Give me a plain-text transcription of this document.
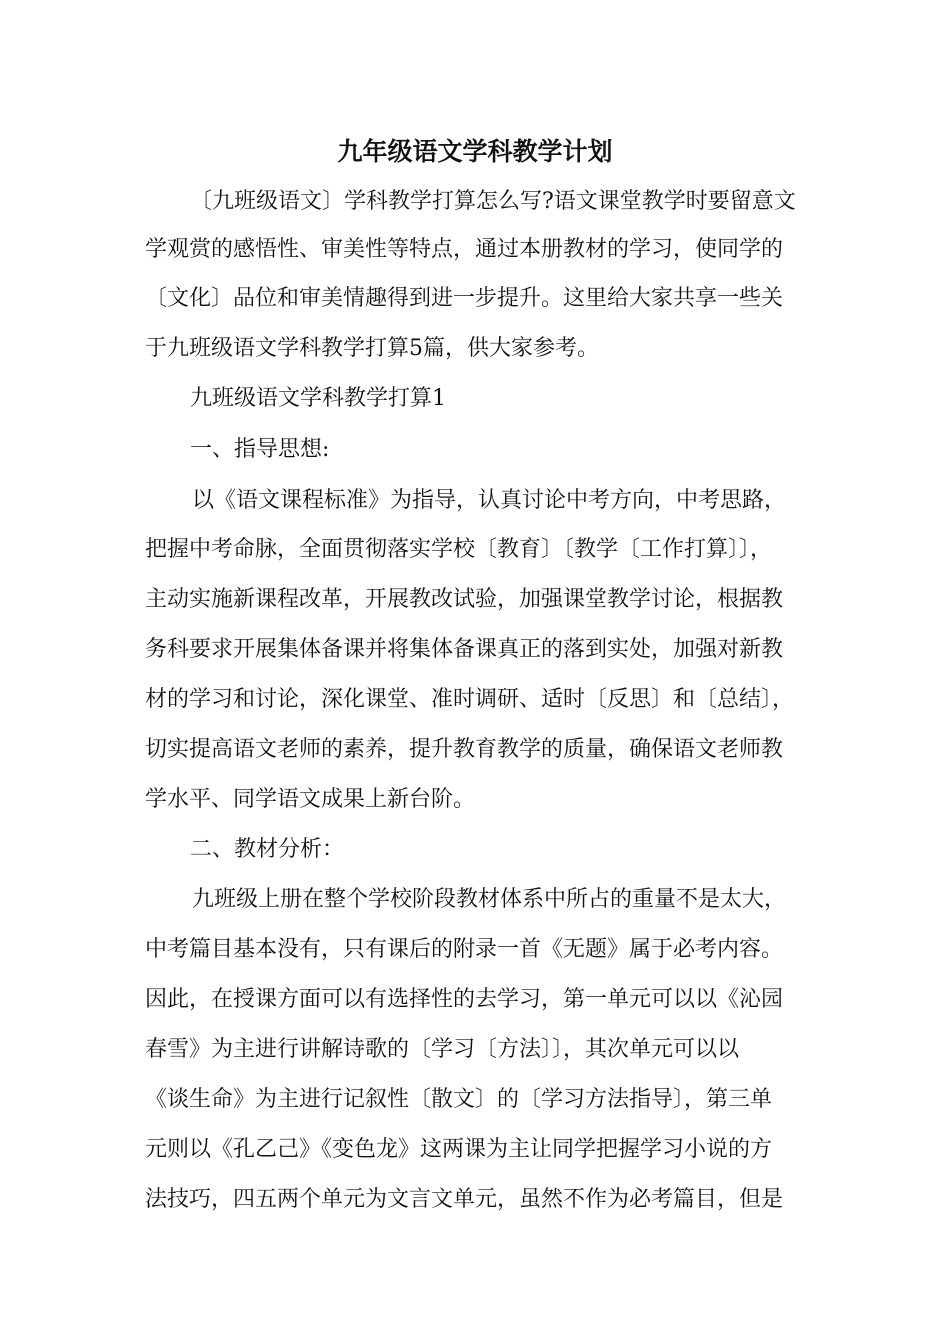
九年级语文学科教学计划
〔九班级语文〕学科教学打算怎么写?语文课堂教学时要留意文
学观赏的感悟性、审美性等特点，通过本册教材的学习，使同学的
〔文化〕品位和审美情趣得到进一步提升。这里给大家共享一些关
于九班级语文学科教学打算5篇，供大家参考。
九班级语文学科教学打算1
一、指导思想:
以《语文课程标准》为指导，认真讨论中考方向，中考思路，
把握中考命脉，全面贯彻落实学校〔教育〕〔教学〔工作打算〕〕，
主动实施新课程改革，开展教改试验，加强课堂教学讨论，根据教
务科要求开展集体备课并将集体备课真正的落到实处，加强对新教
材的学习和讨论，深化课堂、准时调研、适时〔反思〕和〔总结〕，
切实提高语文老师的素养，提升教育教学的质量，确保语文老师教
学水平、同学语文成果上新台阶。
二、教材分析：
九班级上册在整个学校阶段教材体系中所占的重量不是太大，
中考篇目基本没有，只有课后的附录一首《无题》属于必考内容。
因此，在授课方面可以有选择性的去学习，第一单元可以以《沁园
春雪》为主进行讲解诗歌的〔学习〔方法〕〕，其次单元可以以
《谈生命》为主进行记叙性〔散文〕的〔学习方法指导〕，第三单
元则以《孔乙己》《变色龙》这两课为主让同学把握学习小说的方
法技巧，四五两个单元为文言文单元，虽然不作为必考篇目，但是
